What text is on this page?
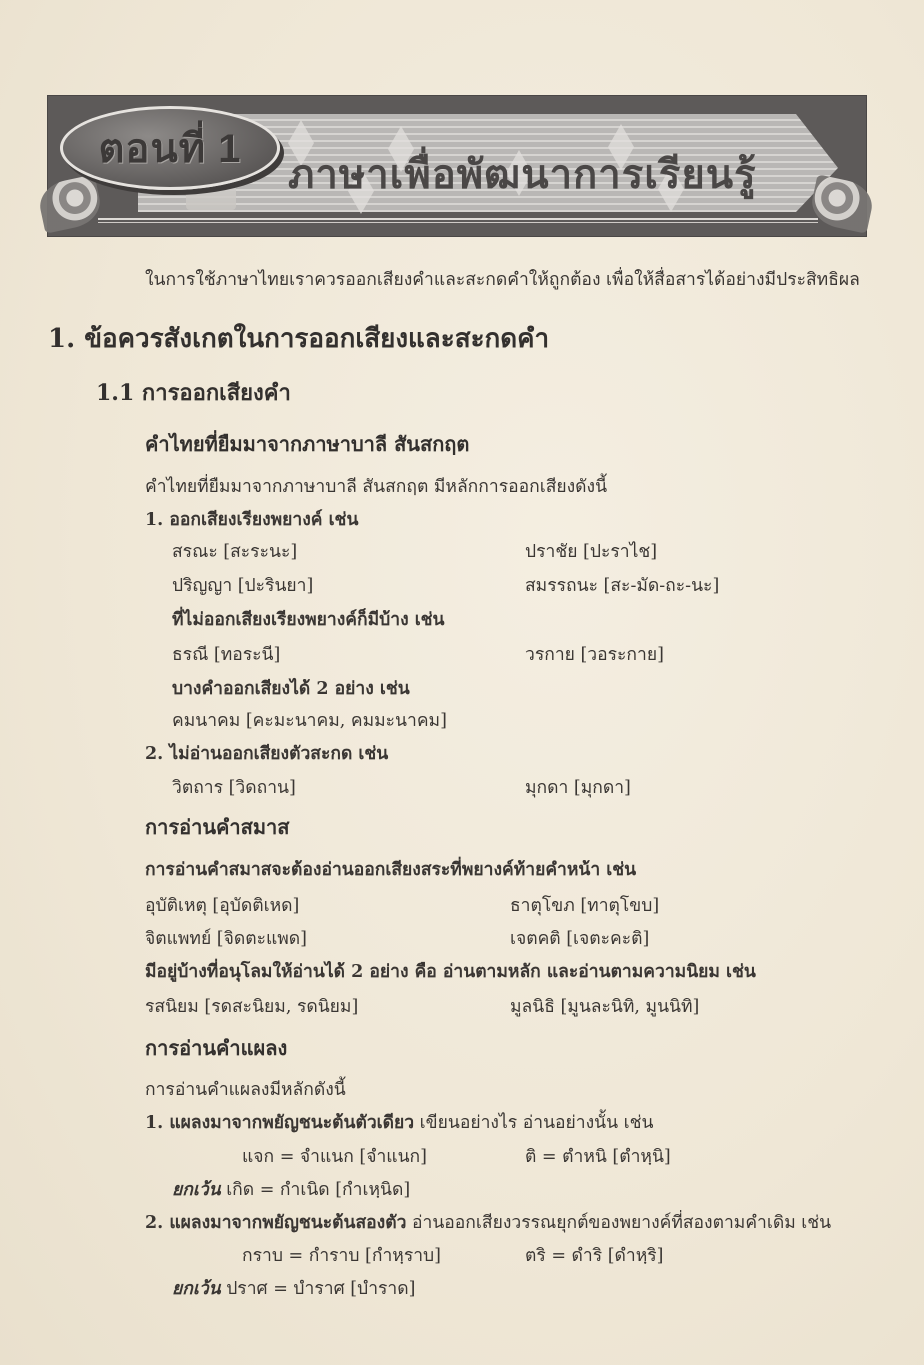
ตอนที่ 1
ภาษาเพื่อพัฒนาการเรียนรู้
ในการใช้ภาษาไทยเราควรออกเสียงคำและสะกดคำให้ถูกต้อง เพื่อให้สื่อสารได้อย่างมีประสิทธิผล
1. ข้อควรสังเกตในการออกเสียงและสะกดคำ
1.1 การออกเสียงคำ
คำไทยที่ยืมมาจากภาษาบาลี สันสกฤต
คำไทยที่ยืมมาจากภาษาบาลี สันสกฤต มีหลักการออกเสียงดังนี้
1. ออกเสียงเรียงพยางค์ เช่น
สรณะ [สะระนะ]	ปราชัย [ปะราไช]
ปริญญา [ปะรินยา]	สมรรถนะ [สะ-มัด-ถะ-นะ]
ที่ไม่ออกเสียงเรียงพยางค์ก็มีบ้าง เช่น
ธรณี [ทอระนี]	วรกาย [วอระกาย]
บางคำออกเสียงได้ 2 อย่าง เช่น
คมนาคม [คะมะนาคม, คมมะนาคม]
2. ไม่อ่านออกเสียงตัวสะกด เช่น
วิตถาร [วิดถาน]	มุกดา [มุกดา]
การอ่านคำสมาส
การอ่านคำสมาสจะต้องอ่านออกเสียงสระที่พยางค์ท้ายคำหน้า เช่น
อุบัติเหตุ [อุบัดติเหด]	ธาตุโขภ [ทาตุโขบ]
จิตแพทย์ [จิดตะแพด]	เจตคติ [เจตะคะติ]
มีอยู่บ้างที่อนุโลมให้อ่านได้ 2 อย่าง คือ อ่านตามหลัก และอ่านตามความนิยม เช่น
รสนิยม [รดสะนิยม, รดนิยม]	มูลนิธิ [มูนละนิทิ, มูนนิทิ]
การอ่านคำแผลง
การอ่านคำแผลงมีหลักดังนี้
1. แผลงมาจากพยัญชนะต้นตัวเดียว เขียนอย่างไร อ่านอย่างนั้น เช่น
แจก = จำแนก [จำแนก]	ติ = ตำหนิ [ตำหฺนิ]
ยกเว้น เกิด = กำเนิด [กำเหฺนิด]
2. แผลงมาจากพยัญชนะต้นสองตัว อ่านออกเสียงวรรณยุกต์ของพยางค์ที่สองตามคำเดิม เช่น
กราบ = กำราบ [กำหฺราบ]	ตริ = ดำริ [ดำหฺริ]
ยกเว้น ปราศ = บำราศ [บำราด]
